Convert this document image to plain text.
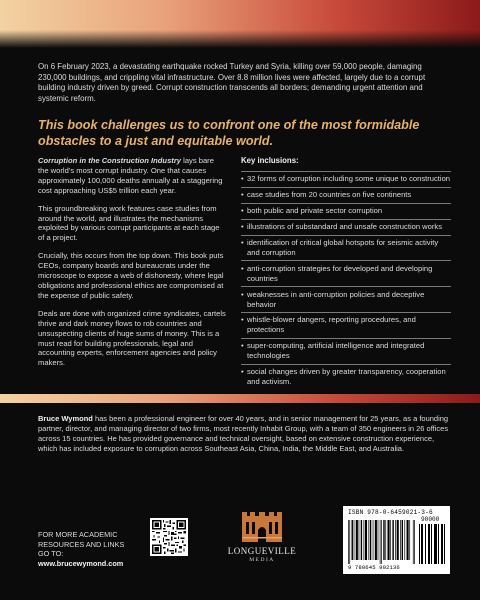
On 6 February 2023, a devastating earthquake rocked Turkey and Syria, killing over 59,000 people, damaging 230,000 buildings, and crippling vital infrastructure. Over 8.8 million lives were affected, largely due to a corrupt building industry driven by greed. Corrupt construction transcends all borders; demanding urgent attention and systemic reform.

This book challenges us to confront one of the most formidable obstacles to a just and equitable world.

Corruption in the Construction Industry lays bare the world’s most corrupt industry. One that causes approximately 100,000 deaths annually at a staggering cost approaching US$5 trillion each year.

This groundbreaking work features case studies from around the world, and illustrates the mechanisms exploited by various corrupt participants at each stage of a project.

Crucially, this occurs from the top down. This book puts CEOs, company boards and bureaucrats under the microscope to expose a web of dishonesty, where legal obligations and professional ethics are compromised at the expense of public safety.

Deals are done with organized crime syndicates, cartels thrive and dark money flows to rob countries and unsuspecting clients of huge sums of money. This is a must read for building professionals, legal and accounting experts, enforcement agencies and policy makers.

Key inclusions:
• 32 forms of corruption including some unique to construction
• case studies from 20 countries on five continents
• both public and private sector corruption
• illustrations of substandard and unsafe construction works
• identification of critical global hotspots for seismic activity and corruption
• anti-corruption strategies for developed and developing countries
• weaknesses in anti-corruption policies and deceptive behavior
• whistle-blower dangers, reporting procedures, and protections
• super-computing, artificial intelligence and integrated technologies
• social changes driven by greater transparency, cooperation and activism.

Bruce Wymond has been a professional engineer for over 40 years, and in senior management for 25 years, as a founding partner, director, and managing director of two firms, most recently Inhabit Group, with a team of 350 engineers in 26 offices across 15 countries. He has provided governance and technical oversight, based on extensive construction experience, which has included exposure to corruption across Southeast Asia, China, India, the Middle East, and Australia.

FOR MORE ACADEMIC
RESOURCES AND LINKS
GO TO:
www.brucewymond.com
LONGUEVILLE
MEDIA
ISBN 978-0-6459021-3-6
90000
9 780645 902136
